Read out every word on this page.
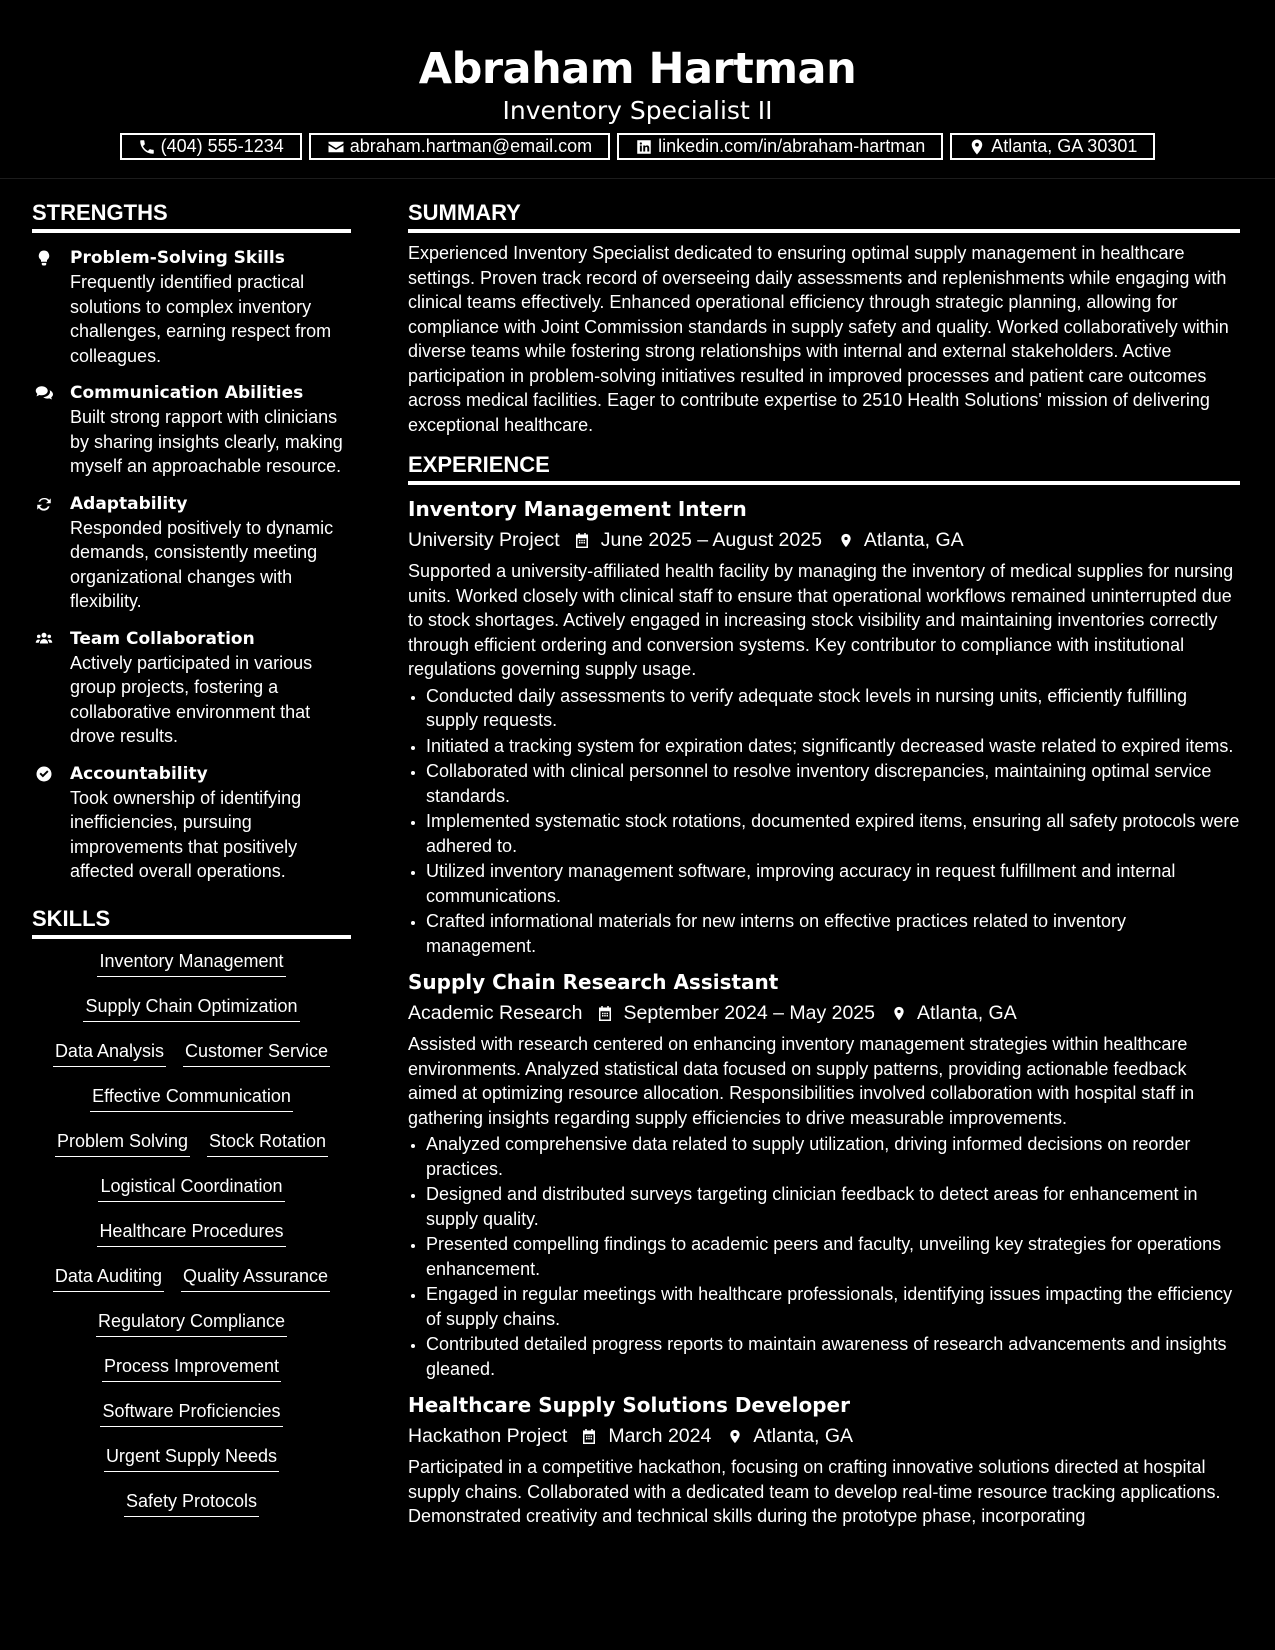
Abraham Hartman
Inventory Specialist II
(404) 555-1234	abraham.hartman@email.com	linkedin.com/in/abraham-hartman	Atlanta, GA 30301
STRENGTHS
Problem-Solving Skills
Frequently identified practical solutions to complex inventory challenges, earning respect from colleagues.
Communication Abilities
Built strong rapport with clinicians by sharing insights clearly, making myself an approachable resource.
Adaptability
Responded positively to dynamic demands, consistently meeting organizational changes with flexibility.
Team Collaboration
Actively participated in various group projects, fostering a collaborative environment that drove results.
Accountability
Took ownership of identifying inefficiencies, pursuing improvements that positively affected overall operations.
SKILLS
Inventory Management
Supply Chain Optimization
Data Analysis Customer Service
Effective Communication
Problem Solving Stock Rotation
Logistical Coordination
Healthcare Procedures
Data Auditing Quality Assurance
Regulatory Compliance
Process Improvement
Software Proficiencies
Urgent Supply Needs
Safety Protocols
SUMMARY
Experienced Inventory Specialist dedicated to ensuring optimal supply management in healthcare settings. Proven track record of overseeing daily assessments and replenishments while engaging with clinical teams effectively. Enhanced operational efficiency through strategic planning, allowing for compliance with Joint Commission standards in supply safety and quality. Worked collaboratively within diverse teams while fostering strong relationships with internal and external stakeholders. Active participation in problem-solving initiatives resulted in improved processes and patient care outcomes across medical facilities. Eager to contribute expertise to 2510 Health Solutions' mission of delivering exceptional healthcare.
EXPERIENCE
Inventory Management Intern
University Project June 2025 – August 2025 Atlanta, GA
Supported a university-affiliated health facility by managing the inventory of medical supplies for nursing units. Worked closely with clinical staff to ensure that operational workflows remained uninterrupted due to stock shortages. Actively engaged in increasing stock visibility and maintaining inventories correctly through efficient ordering and conversion systems. Key contributor to compliance with institutional regulations governing supply usage.
• Conducted daily assessments to verify adequate stock levels in nursing units, efficiently fulfilling supply requests.
• Initiated a tracking system for expiration dates; significantly decreased waste related to expired items.
• Collaborated with clinical personnel to resolve inventory discrepancies, maintaining optimal service standards.
• Implemented systematic stock rotations, documented expired items, ensuring all safety protocols were adhered to.
• Utilized inventory management software, improving accuracy in request fulfillment and internal communications.
• Crafted informational materials for new interns on effective practices related to inventory management.
Supply Chain Research Assistant
Academic Research September 2024 – May 2025 Atlanta, GA
Assisted with research centered on enhancing inventory management strategies within healthcare environments. Analyzed statistical data focused on supply patterns, providing actionable feedback aimed at optimizing resource allocation. Responsibilities involved collaboration with hospital staff in gathering insights regarding supply efficiencies to drive measurable improvements.
• Analyzed comprehensive data related to supply utilization, driving informed decisions on reorder practices.
• Designed and distributed surveys targeting clinician feedback to detect areas for enhancement in supply quality.
• Presented compelling findings to academic peers and faculty, unveiling key strategies for operations enhancement.
• Engaged in regular meetings with healthcare professionals, identifying issues impacting the efficiency of supply chains.
• Contributed detailed progress reports to maintain awareness of research advancements and insights gleaned.
Healthcare Supply Solutions Developer
Hackathon Project March 2024 Atlanta, GA
Participated in a competitive hackathon, focusing on crafting innovative solutions directed at hospital supply chains. Collaborated with a dedicated team to develop real-time resource tracking applications. Demonstrated creativity and technical skills during the prototype phase, incorporating
